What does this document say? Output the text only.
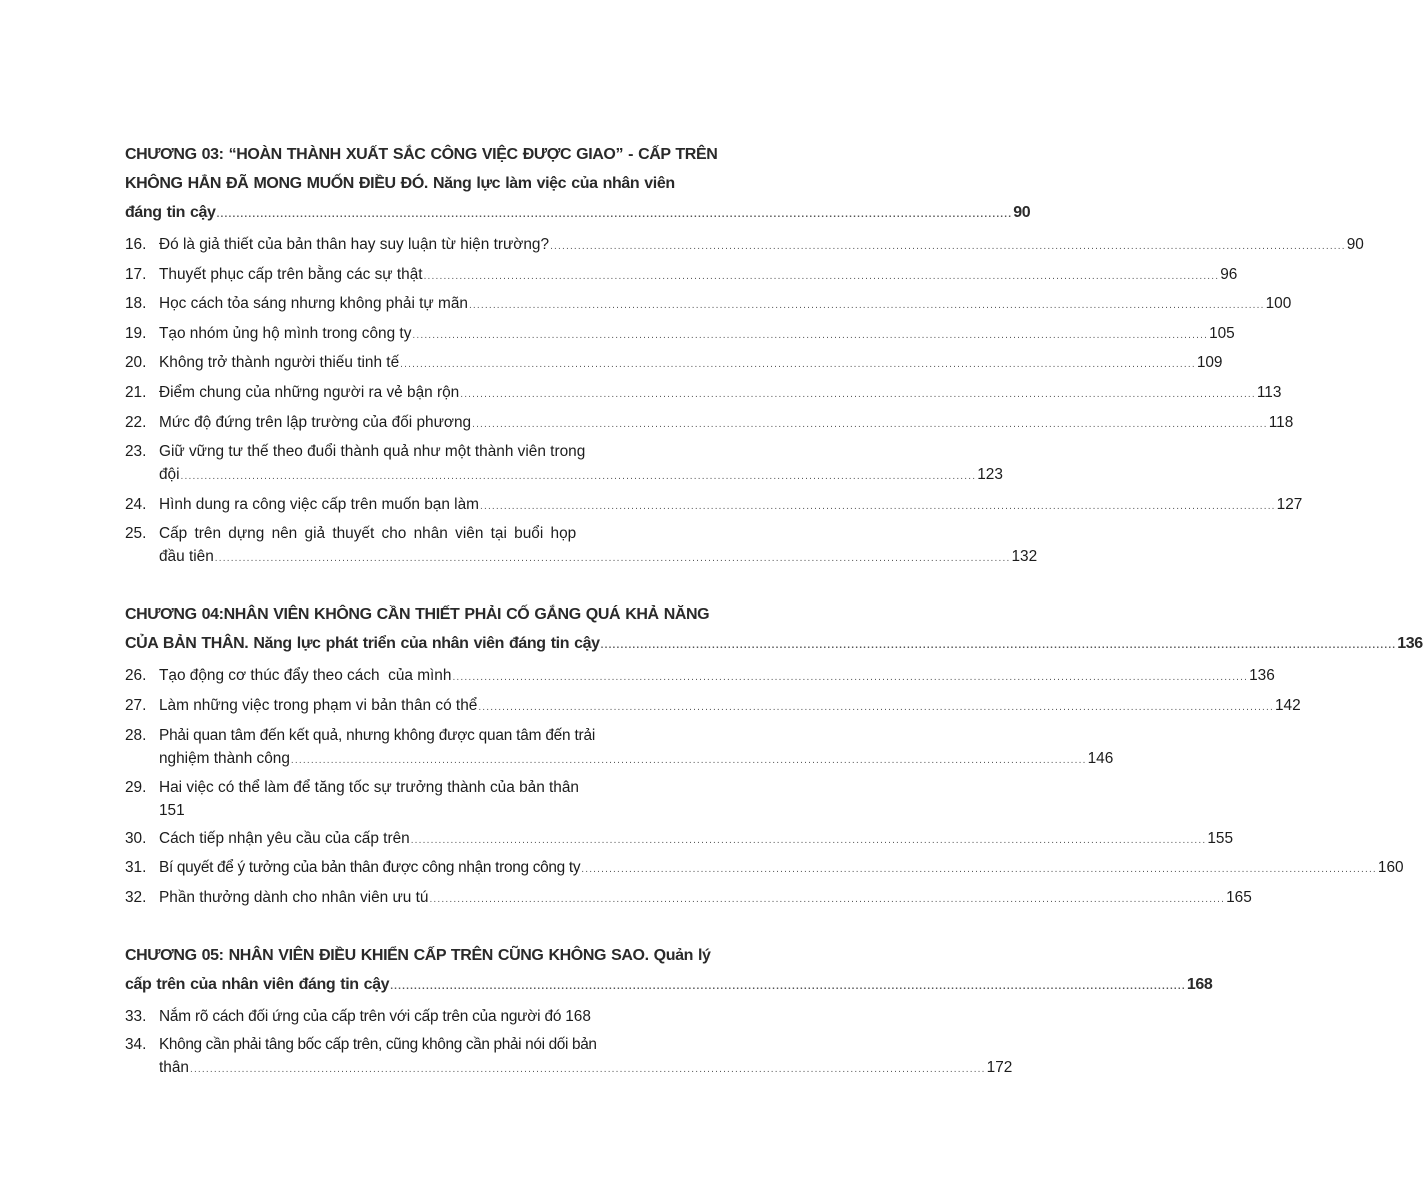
CHƯƠNG 03: “HOÀN THÀNH XUẤT SẮC CÔNG VIỆC ĐƯỢC GIAO” - CẤP TRÊN
KHÔNG HẲN ĐÃ MONG MUỐN ĐIỀU ĐÓ. Năng lực làm việc của nhân viên
đáng tin cậy ........................................................................................................................................................................................................ 90
16. Đó là giả thiết của bản thân hay suy luận từ hiện trường? ........................................................................................................................................................................................................ 90
17. Thuyết phục cấp trên bằng các sự thật ........................................................................................................................................................................................................ 96
18. Học cách tỏa sáng nhưng không phải tự mãn ........................................................................................................................................................................................................ 100
19. Tạo nhóm ủng hộ mình trong công ty ........................................................................................................................................................................................................ 105
20. Không trở thành người thiếu tinh tế ........................................................................................................................................................................................................ 109
21. Điểm chung của những người ra vẻ bận rộn ........................................................................................................................................................................................................ 113
22. Mức độ đứng trên lập trường của đối phương ........................................................................................................................................................................................................ 118
23. Giữ vững tư thế theo đuổi thành quả như một thành viên trong
đội ........................................................................................................................................................................................................ 123
24. Hình dung ra công việc cấp trên muốn bạn làm ........................................................................................................................................................................................................ 127
25. Cấp trên dựng nên giả thuyết cho nhân viên tại buổi họp
đầu tiên ........................................................................................................................................................................................................ 132
CHƯƠNG 04:NHÂN VIÊN KHÔNG CẦN THIẾT PHẢI CỐ GẮNG QUÁ KHẢ NĂNG
CỦA BẢN THÂN. Năng lực phát triển của nhân viên đáng tin cậy ........................................................................................................................................................................................................ 136
26. Tạo động cơ thúc đẩy theo cách  của mình ........................................................................................................................................................................................................ 136
27. Làm những việc trong phạm vi bản thân có thể ........................................................................................................................................................................................................ 142
28. Phải quan tâm đến kết quả, nhưng không được quan tâm đến trải
nghiệm thành công ........................................................................................................................................................................................................ 146
29. Hai việc có thể làm để tăng tốc sự trưởng thành của bản thân
151
30. Cách tiếp nhận yêu cầu của cấp trên ........................................................................................................................................................................................................ 155
31. Bí quyết để ý tưởng của bản thân được công nhận trong công ty ........................................................................................................................................................................................................ 160
32. Phần thưởng dành cho nhân viên ưu tú ........................................................................................................................................................................................................ 165
CHƯƠNG 05: NHÂN VIÊN ĐIỀU KHIỂN CẤP TRÊN CŨNG KHÔNG SAO. Quản lý
cấp trên của nhân viên đáng tin cậy ........................................................................................................................................................................................................ 168
33. Nắm rõ cách đối ứng của cấp trên với cấp trên của người đó 168
34. Không cần phải tâng bốc cấp trên, cũng không cần phải nói dối bản
thân ........................................................................................................................................................................................................ 172
